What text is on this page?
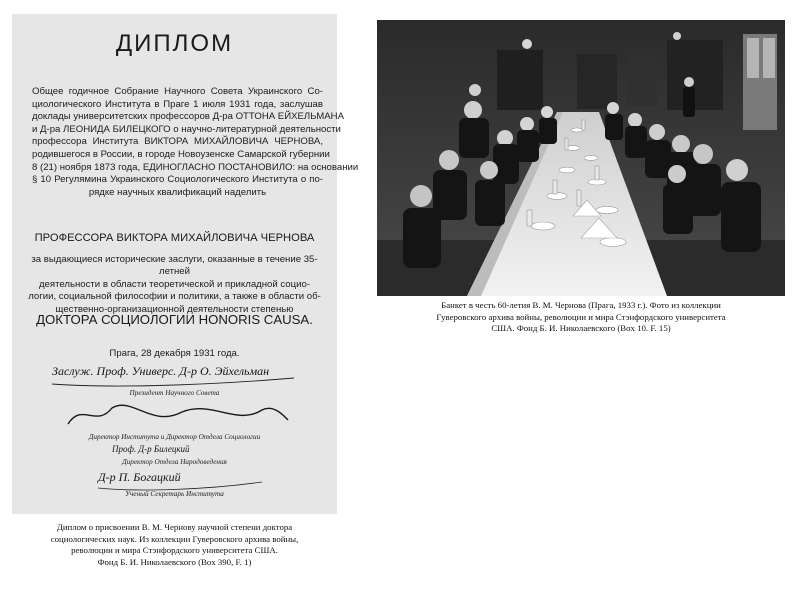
ДИПЛОМ
Общее годичное Собрание Научного Совета Украинского Со-
циологического Института в Праге 1 июля 1931 года, заслушав
доклады университетских профессоров Д-ра ОТТОНА ЕЙХЕЛЬМАНА
и Д-ра ЛЕОНИДА БИЛЕЦКОГО о научно-литературной деятельности
профессора Института ВИКТОРА МИХАЙЛОВИЧА ЧЕРНОВА,
родившегося в России, в городе Новоузенске Самарской губернии
8 (21) ноября 1873 года, ЕДИНОГЛАСНО ПОСТАНОВИЛО: на основании
§ 10 Регулямина Украинского Социологического Института о по-
рядке научных квалификаций наделить
ПРОФЕССОРА ВИКТОРА МИХАЙЛОВИЧА ЧЕРНОВА
за выдающиеся исторические заслуги, оказанные в течение 35-летней
деятельности в области теоретической и прикладной социо-
логии, социальной философии и политики, а также в области об-
щественно-организационной деятельности степенью
ДОКТОРА СОЦИОЛОГИИ HONORIS CAUSA.
Прага, 28 декабря 1931 года.
Заслуж. Проф. Универс. Д-р О. Эйхельман
Президент Научного Совета
Директор Института и Директор Отдела Социологии
Проф. Д-р Билецкий
Директор Отдела Народоведения
Д-р П. Богацкий
Ученый Секретарь Института
Диплом о присвоении В. М. Чернову научной степени доктора
социологических наук. Из коллекции Гуверовского архива войны,
революции и мира Стэнфордского университета США.
Фонд Б. И. Николаевского (Box 390, F. 1)
Банкет в честь 60-летия В. М. Чернова (Прага, 1933 г.). Фото из коллекции
Гуверовского архива войны, революции и мира Стэнфордского университета
США. Фонд Б. И. Николаевского (Box 10. F. 15)
